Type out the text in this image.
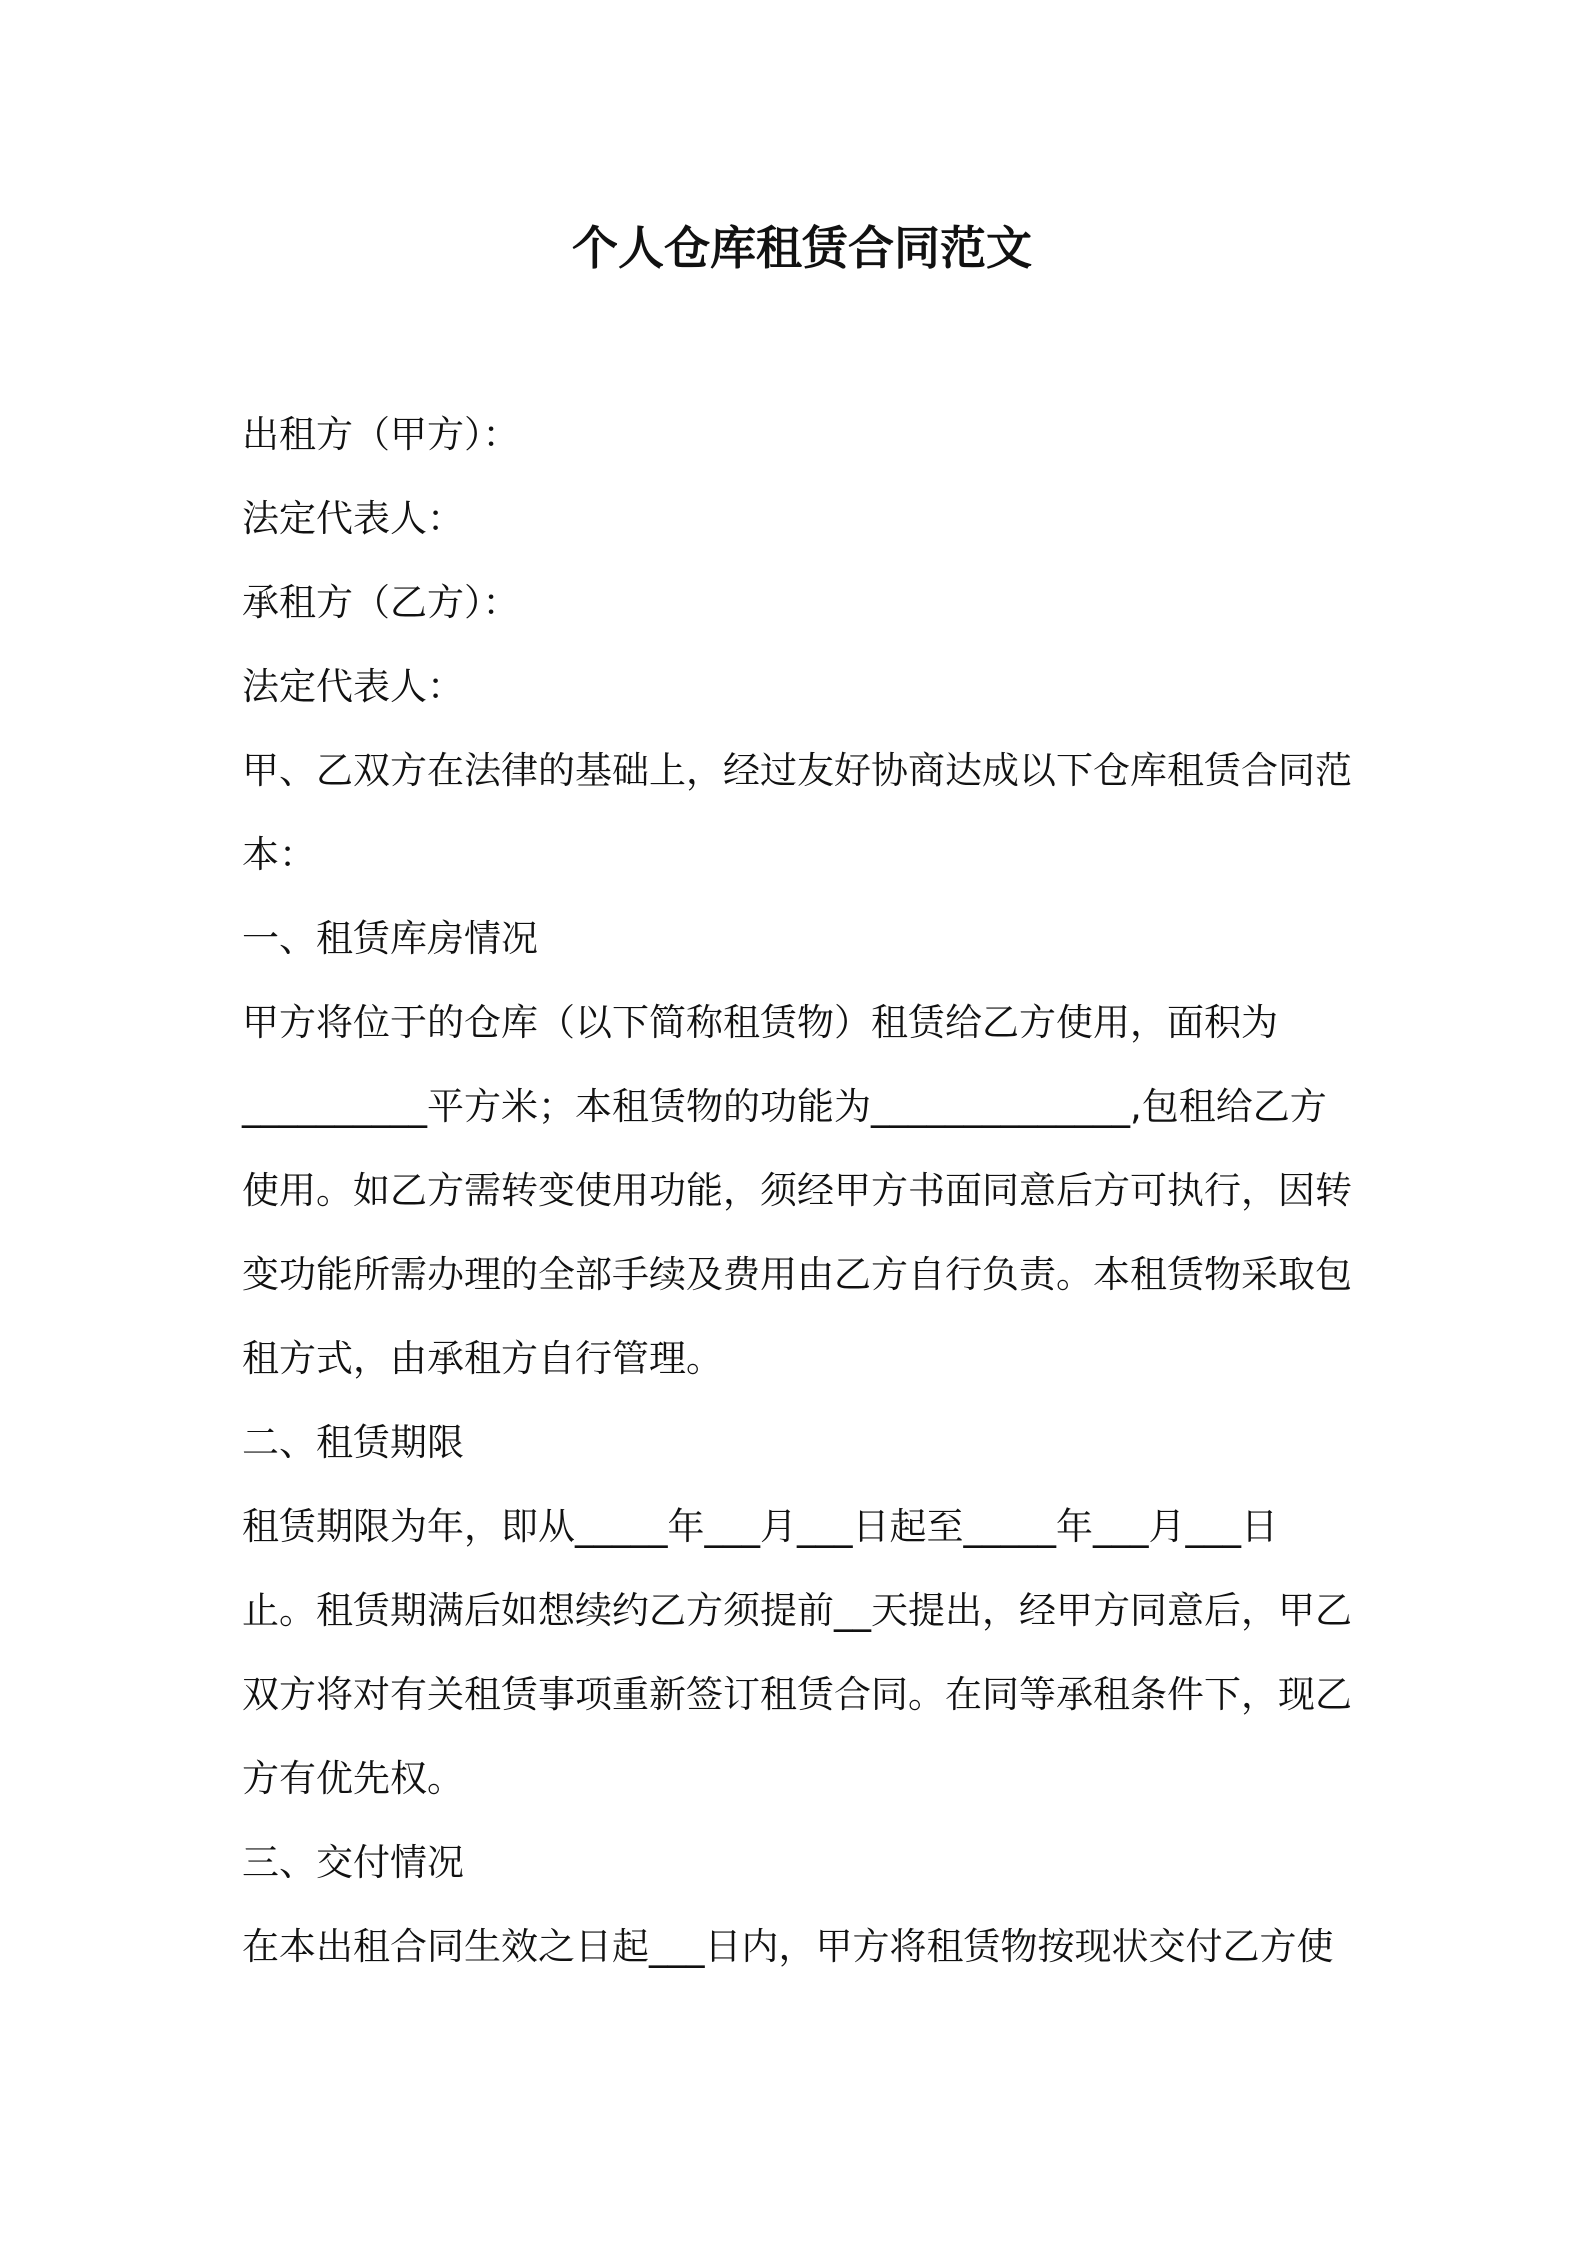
个人仓库租赁合同范文
出租方（甲方）：
法定代表人：
承租方（乙方）：
法定代表人：
甲、乙双方在法律的基础上，经过友好协商达成以下仓库租赁合同范
本：
一、租赁库房情况
甲方将位于的仓库（以下简称租赁物）租赁给乙方使用，面积为
__________平方米；本租赁物的功能为______________,包租给乙方
使用。如乙方需转变使用功能，须经甲方书面同意后方可执行，因转
变功能所需办理的全部手续及费用由乙方自行负责。本租赁物采取包
租方式，由承租方自行管理。
二、租赁期限
租赁期限为年，即从_____年___月___日起至_____年___月___日
止。租赁期满后如想续约乙方须提前__天提出，经甲方同意后，甲乙
双方将对有关租赁事项重新签订租赁合同。在同等承租条件下，现乙
方有优先权。
三、交付情况
在本出租合同生效之日起___日内，甲方将租赁物按现状交付乙方使
